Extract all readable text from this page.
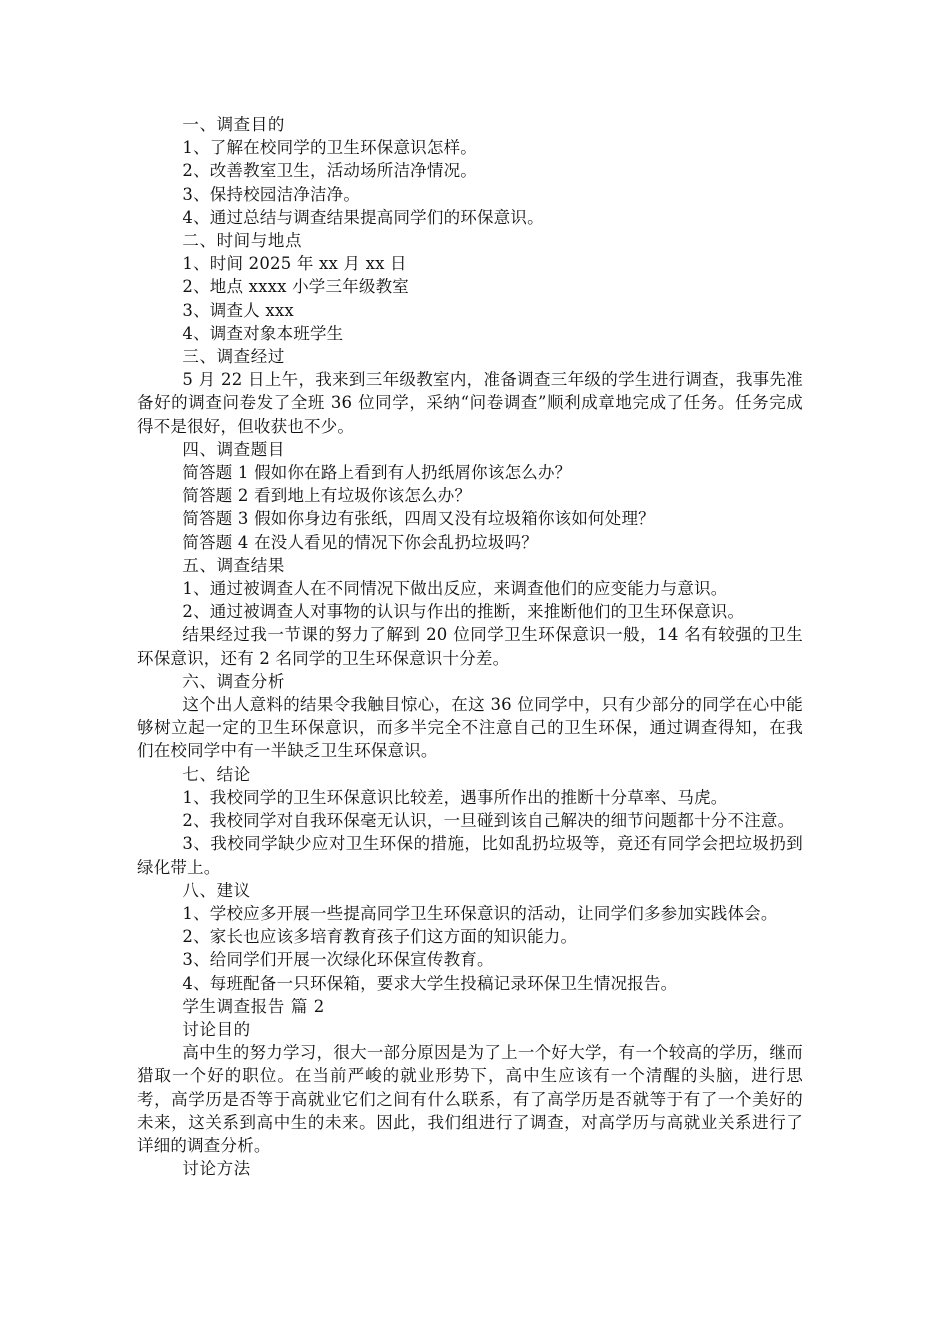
一、调查目的

1、了解在校同学的卫生环保意识怎样。

2、改善教室卫生，活动场所洁净情况。

3、保持校园洁净洁净。

4、通过总结与调查结果提高同学们的环保意识。

二、时间与地点

1、时间 2025 年 xx 月 xx 日

2、地点 xxxx 小学三年级教室

3、调查人 xxx

4、调查对象本班学生

三、调查经过

5 月 22 日上午，我来到三年级教室内，准备调查三年级的学生进行调查，我事先准备好的调查问卷发了全班 36 位同学，采纳“问卷调查”顺利成章地完成了任务。任务完成得不是很好，但收获也不少。

四、调查题目

简答题 1 假如你在路上看到有人扔纸屑你该怎么办？

简答题 2 看到地上有垃圾你该怎么办？

简答题 3 假如你身边有张纸，四周又没有垃圾箱你该如何处理？

简答题 4 在没人看见的情况下你会乱扔垃圾吗？

五、调查结果

1、通过被调查人在不同情况下做出反应，来调查他们的应变能力与意识。

2、通过被调查人对事物的认识与作出的推断，来推断他们的卫生环保意识。

结果经过我一节课的努力了解到 20 位同学卫生环保意识一般，14 名有较强的卫生环保意识，还有 2 名同学的卫生环保意识十分差。

六、调查分析

这个出人意料的结果令我触目惊心，在这 36 位同学中，只有少部分的同学在心中能够树立起一定的卫生环保意识，而多半完全不注意自己的卫生环保，通过调查得知，在我们在校同学中有一半缺乏卫生环保意识。

七、结论

1、我校同学的卫生环保意识比较差，遇事所作出的推断十分草率、马虎。

2、我校同学对自我环保毫无认识，一旦碰到该自己解决的细节问题都十分不注意。

3、我校同学缺少应对卫生环保的措施，比如乱扔垃圾等，竟还有同学会把垃圾扔到绿化带上。

八、建议

1、学校应多开展一些提高同学卫生环保意识的活动，让同学们多参加实践体会。

2、家长也应该多培育教育孩子们这方面的知识能力。

3、给同学们开展一次绿化环保宣传教育。

4、每班配备一只环保箱，要求大学生投稿记录环保卫生情况报告。

学生调查报告 篇 2

讨论目的

高中生的努力学习，很大一部分原因是为了上一个好大学，有一个较高的学历，继而猎取一个好的职位。在当前严峻的就业形势下，高中生应该有一个清醒的头脑，进行思考，高学历是否等于高就业它们之间有什么联系，有了高学历是否就等于有了一个美好的未来，这关系到高中生的未来。因此，我们组进行了调查，对高学历与高就业关系进行了详细的调查分析。

讨论方法
